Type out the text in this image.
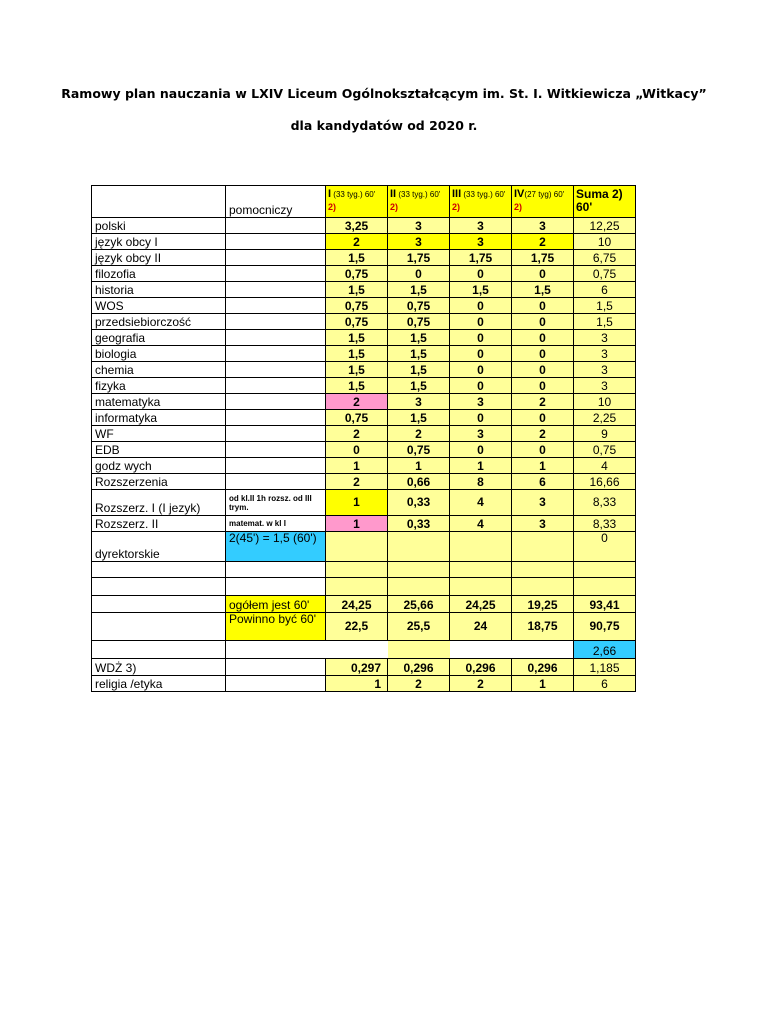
Ramowy plan nauczania w LXIV Liceum Ogólnokształcącym im. St. I. Witkiewicza „Witkacy”
dla kandydatów od 2020 r.
	pomocniczy	I (33 tyg.) 60' 2)	II (33 tyg.) 60' 2)	III (33 tyg.) 60' 2)	IV(27 tyg) 60' 2)	Suma 2) 60'
polski		3,25	3	3	3	12,25
język obcy I		2	3	3	2	10
język obcy II		1,5	1,75	1,75	1,75	6,75
filozofia		0,75	0	0	0	0,75
historia		1,5	1,5	1,5	1,5	6
WOS		0,75	0,75	0	0	1,5
przedsiebiorczość		0,75	0,75	0	0	1,5
geografia		1,5	1,5	0	0	3
biologia		1,5	1,5	0	0	3
chemia		1,5	1,5	0	0	3
fizyka		1,5	1,5	0	0	3
matematyka		2	3	3	2	10
informatyka		0,75	1,5	0	0	2,25
WF		2	2	3	2	9
EDB		0	0,75	0	0	0,75
godz wych		1	1	1	1	4
Rozszerzenia		2	0,66	8	6	16,66
Rozszerz. I (I jezyk)	od kl.II 1h rozsz. od III trym.	1	0,33	4	3	8,33
Rozszerz. II	matemat. w kl I	1	0,33	4	3	8,33
dyrektorskie	2(45') = 1,5 (60')					0

	ogółem jest 60'	24,25	25,66	24,25	19,25	93,41
	Powinno być 60'	22,5	25,5	24	18,75	90,75
						2,66
WDŻ 3)		0,297	0,296	0,296	0,296	1,185
religia /etyka		1	2	2	1	6
